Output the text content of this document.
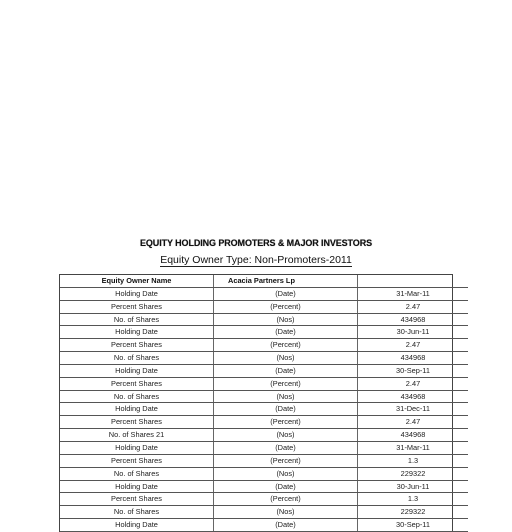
EQUITY HOLDING PROMOTERS & MAJOR INVESTORS
Equity Owner Type: Non-Promoters-2011
Equity Owner Name	Acacia Partners Lp	
Holding Date	(Date)	31-Mar-11
Percent Shares	(Percent)	2.47
No. of Shares	(Nos)	434968
Holding Date	(Date)	30-Jun-11
Percent Shares	(Percent)	2.47
No. of Shares	(Nos)	434968
Holding Date	(Date)	30-Sep-11
Percent Shares	(Percent)	2.47
No. of Shares	(Nos)	434968
Holding Date	(Date)	31-Dec-11
Percent Shares	(Percent)	2.47
No. of Shares 21	(Nos)	434968
Holding Date	(Date)	31-Mar-11
Percent Shares	(Percent)	1.3
No. of Shares	(Nos)	229322
Holding Date	(Date)	30-Jun-11
Percent Shares	(Percent)	1.3
No. of Shares	(Nos)	229322
Holding Date	(Date)	30-Sep-11
